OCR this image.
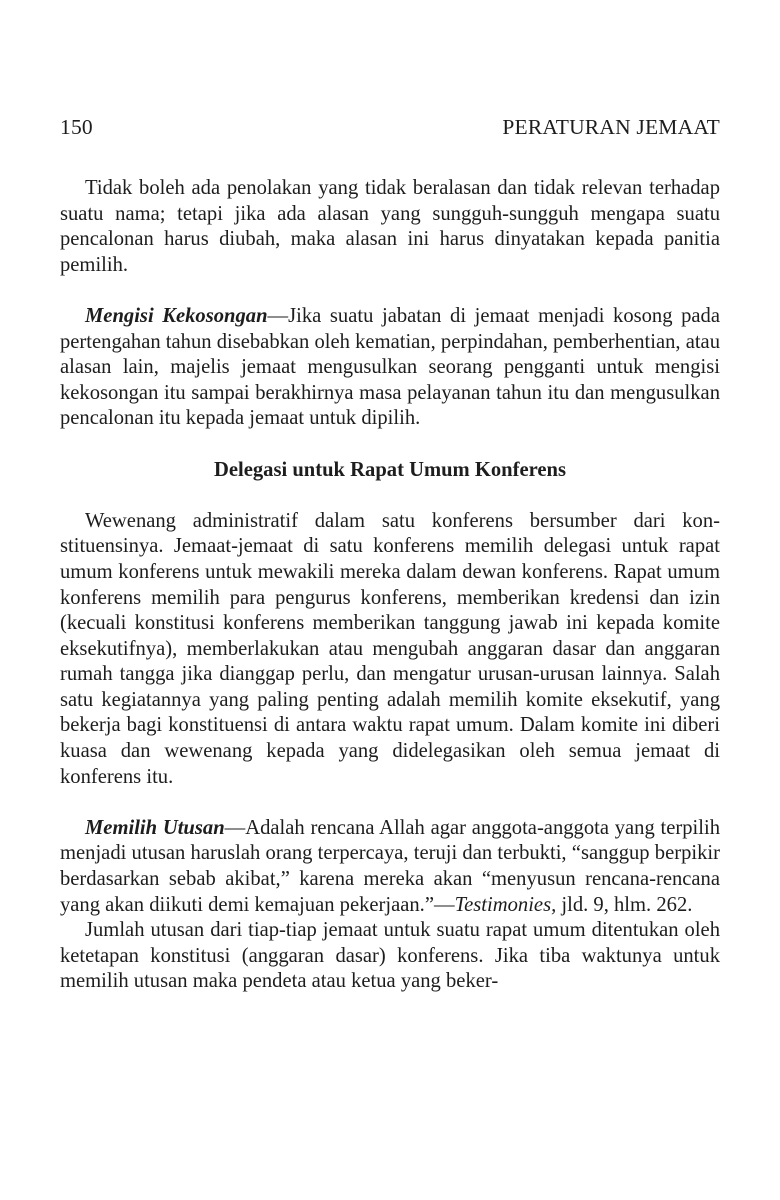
150	PERATURAN JEMAAT

Tidak boleh ada penolakan yang tidak beralasan dan tidak relevan terhadap suatu nama; tetapi jika ada alasan yang sungguh-sungguh mengapa suatu pencalonan harus diubah, maka alasan ini harus dinyatakan kepada panitia pemilih.

Mengisi Kekosongan—Jika suatu jabatan di jemaat menjadi kosong pada pertengahan tahun disebabkan oleh kematian, perpindahan, pemberhentian, atau alasan lain, majelis jemaat mengusulkan seorang pengganti untuk mengisi kekosongan itu sampai berakhirnya masa pelayanan tahun itu dan mengusulkan pencalonan itu kepada jemaat untuk dipilih.

Delegasi untuk Rapat Umum Konferens

Wewenang administratif dalam satu konferens bersumber dari konstituensinya. Jemaat-jemaat di satu konferens memilih delegasi untuk rapat umum konferens untuk mewakili mereka dalam dewan konferens. Rapat umum konferens memilih para pengurus konferens, memberikan kredensi dan izin (kecuali konstitusi konferens memberikan tanggung jawab ini kepada komite eksekutifnya), memberlakukan atau mengubah anggaran dasar dan anggaran rumah tangga jika dianggap perlu, dan mengatur urusan-urusan lainnya. Salah satu kegiatannya yang paling penting adalah memilih komite eksekutif, yang bekerja bagi konstituensi di antara waktu rapat umum. Dalam komite ini diberi kuasa dan wewenang kepada yang didelegasikan oleh semua jemaat di konferens itu.

Memilih Utusan—Adalah rencana Allah agar anggota-anggota yang terpilih menjadi utusan haruslah orang terpercaya, teruji dan terbukti, “sanggup berpikir berdasarkan sebab akibat,” karena mereka akan “menyusun rencana-rencana yang akan diikuti demi kemajuan pekerjaan.”—Testimonies, jld. 9, hlm. 262.

Jumlah utusan dari tiap-tiap jemaat untuk suatu rapat umum ditentukan oleh ketetapan konstitusi (anggaran dasar) konferens. Jika tiba waktunya untuk memilih utusan maka pendeta atau ketua yang beker-
